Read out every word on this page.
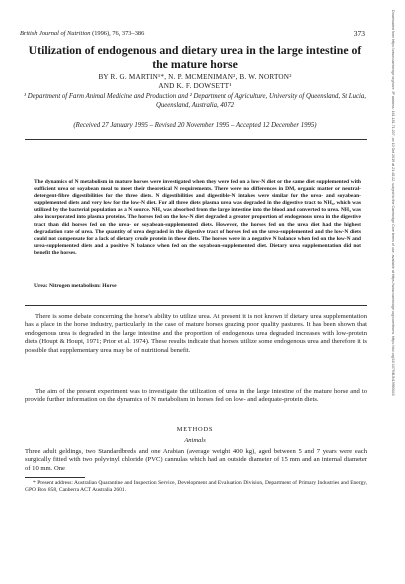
British Journal of Nutrition (1996), 76, 373–386	373
Utilization of endogenous and dietary urea in the large intestine of the mature horse
BY R. G. MARTIN¹*, N. P. MCMENIMAN², B. W. NORTON²
AND K. F. DOWSETT¹
¹ Department of Farm Animal Medicine and Production and ² Department of Agriculture, University of Queensland, St Lucia, Queensland, Australia, 4072
(Received 27 January 1995 – Revised 20 November 1995 – Accepted 12 December 1995)

The dynamics of N metabolism in mature horses were investigated when they were fed on a low-N diet or the same diet supplemented with sufficient urea or soyabean meal to meet their theoretical N requirements. There were no differences in DM, organic matter or neutral-detergent-fibre digestibilities for the three diets. N digestibilities and digestible-N intakes were similar for the urea- and soyabean-supplemented diets and very low for the low-N diet. For all three diets plasma urea was degraded in the digestive tract to NH₃, which was utilized by the bacterial population as a N source. NH₃ was absorbed from the large intestine into the blood and converted to urea. NH₃ was also incorporated into plasma proteins. The horses fed on the low-N diet degraded a greater proportion of endogenous urea in the digestive tract than did horses fed on the urea- or soyabean-supplemented diets. However, the horses fed on the urea diet had the highest degradation rate of urea. The quantity of urea degraded in the digestive tract of horses fed on the urea-supplemented and the low-N diets could not compensate for a lack of dietary crude protein in these diets. The horses were in a negative N balance when fed on the low-N and urea-supplemented diets and a positive N balance when fed on the soyabean-supplemented diet. Dietary urea supplementation did not benefit the horses.

Urea: Nitrogen metabolism: Horse

There is some debate concerning the horse's ability to utilize urea. At present it is not known if dietary urea supplementation has a place in the horse industry, particularly in the case of mature horses grazing poor quality pastures. It has been shown that endogenous urea is degraded in the large intestine and the proportion of endogenous urea degraded increases with low-protein diets (Houpt & Houpt, 1971; Prior et al. 1974). These results indicate that horses utilize some endogenous urea and therefore it is possible that supplementary urea may be of nutritional benefit.

The aim of the present experiment was to investigate the utilization of urea in the large intestine of the mature horse and to provide further information on the dynamics of N metabolism in horses fed on low- and adequate-protein diets.

METHODS
Animals

Three adult geldings, two Standardbreds and one Arabian (average weight 400 kg), aged between 5 and 7 years were each surgically fitted with two polyvinyl chloride (PVC) cannulas which had an outside diameter of 15 mm and an internal diameter of 10 mm. One

* Present address: Australian Quarantine and Inspection Service, Development and Evaluation Division, Department of Primary Industries and Energy, GPO Box 858, Canberra ACT Australia 2601.

Downloaded from https://www.cambridge.org/core. IP address: 161.181.71.207, on 10 Oct 2019 at 21:48:22, subject to the Cambridge Core terms of use, available at https://www.cambridge.org/core/terms. https://doi.org/10.1079/BJN19960043
